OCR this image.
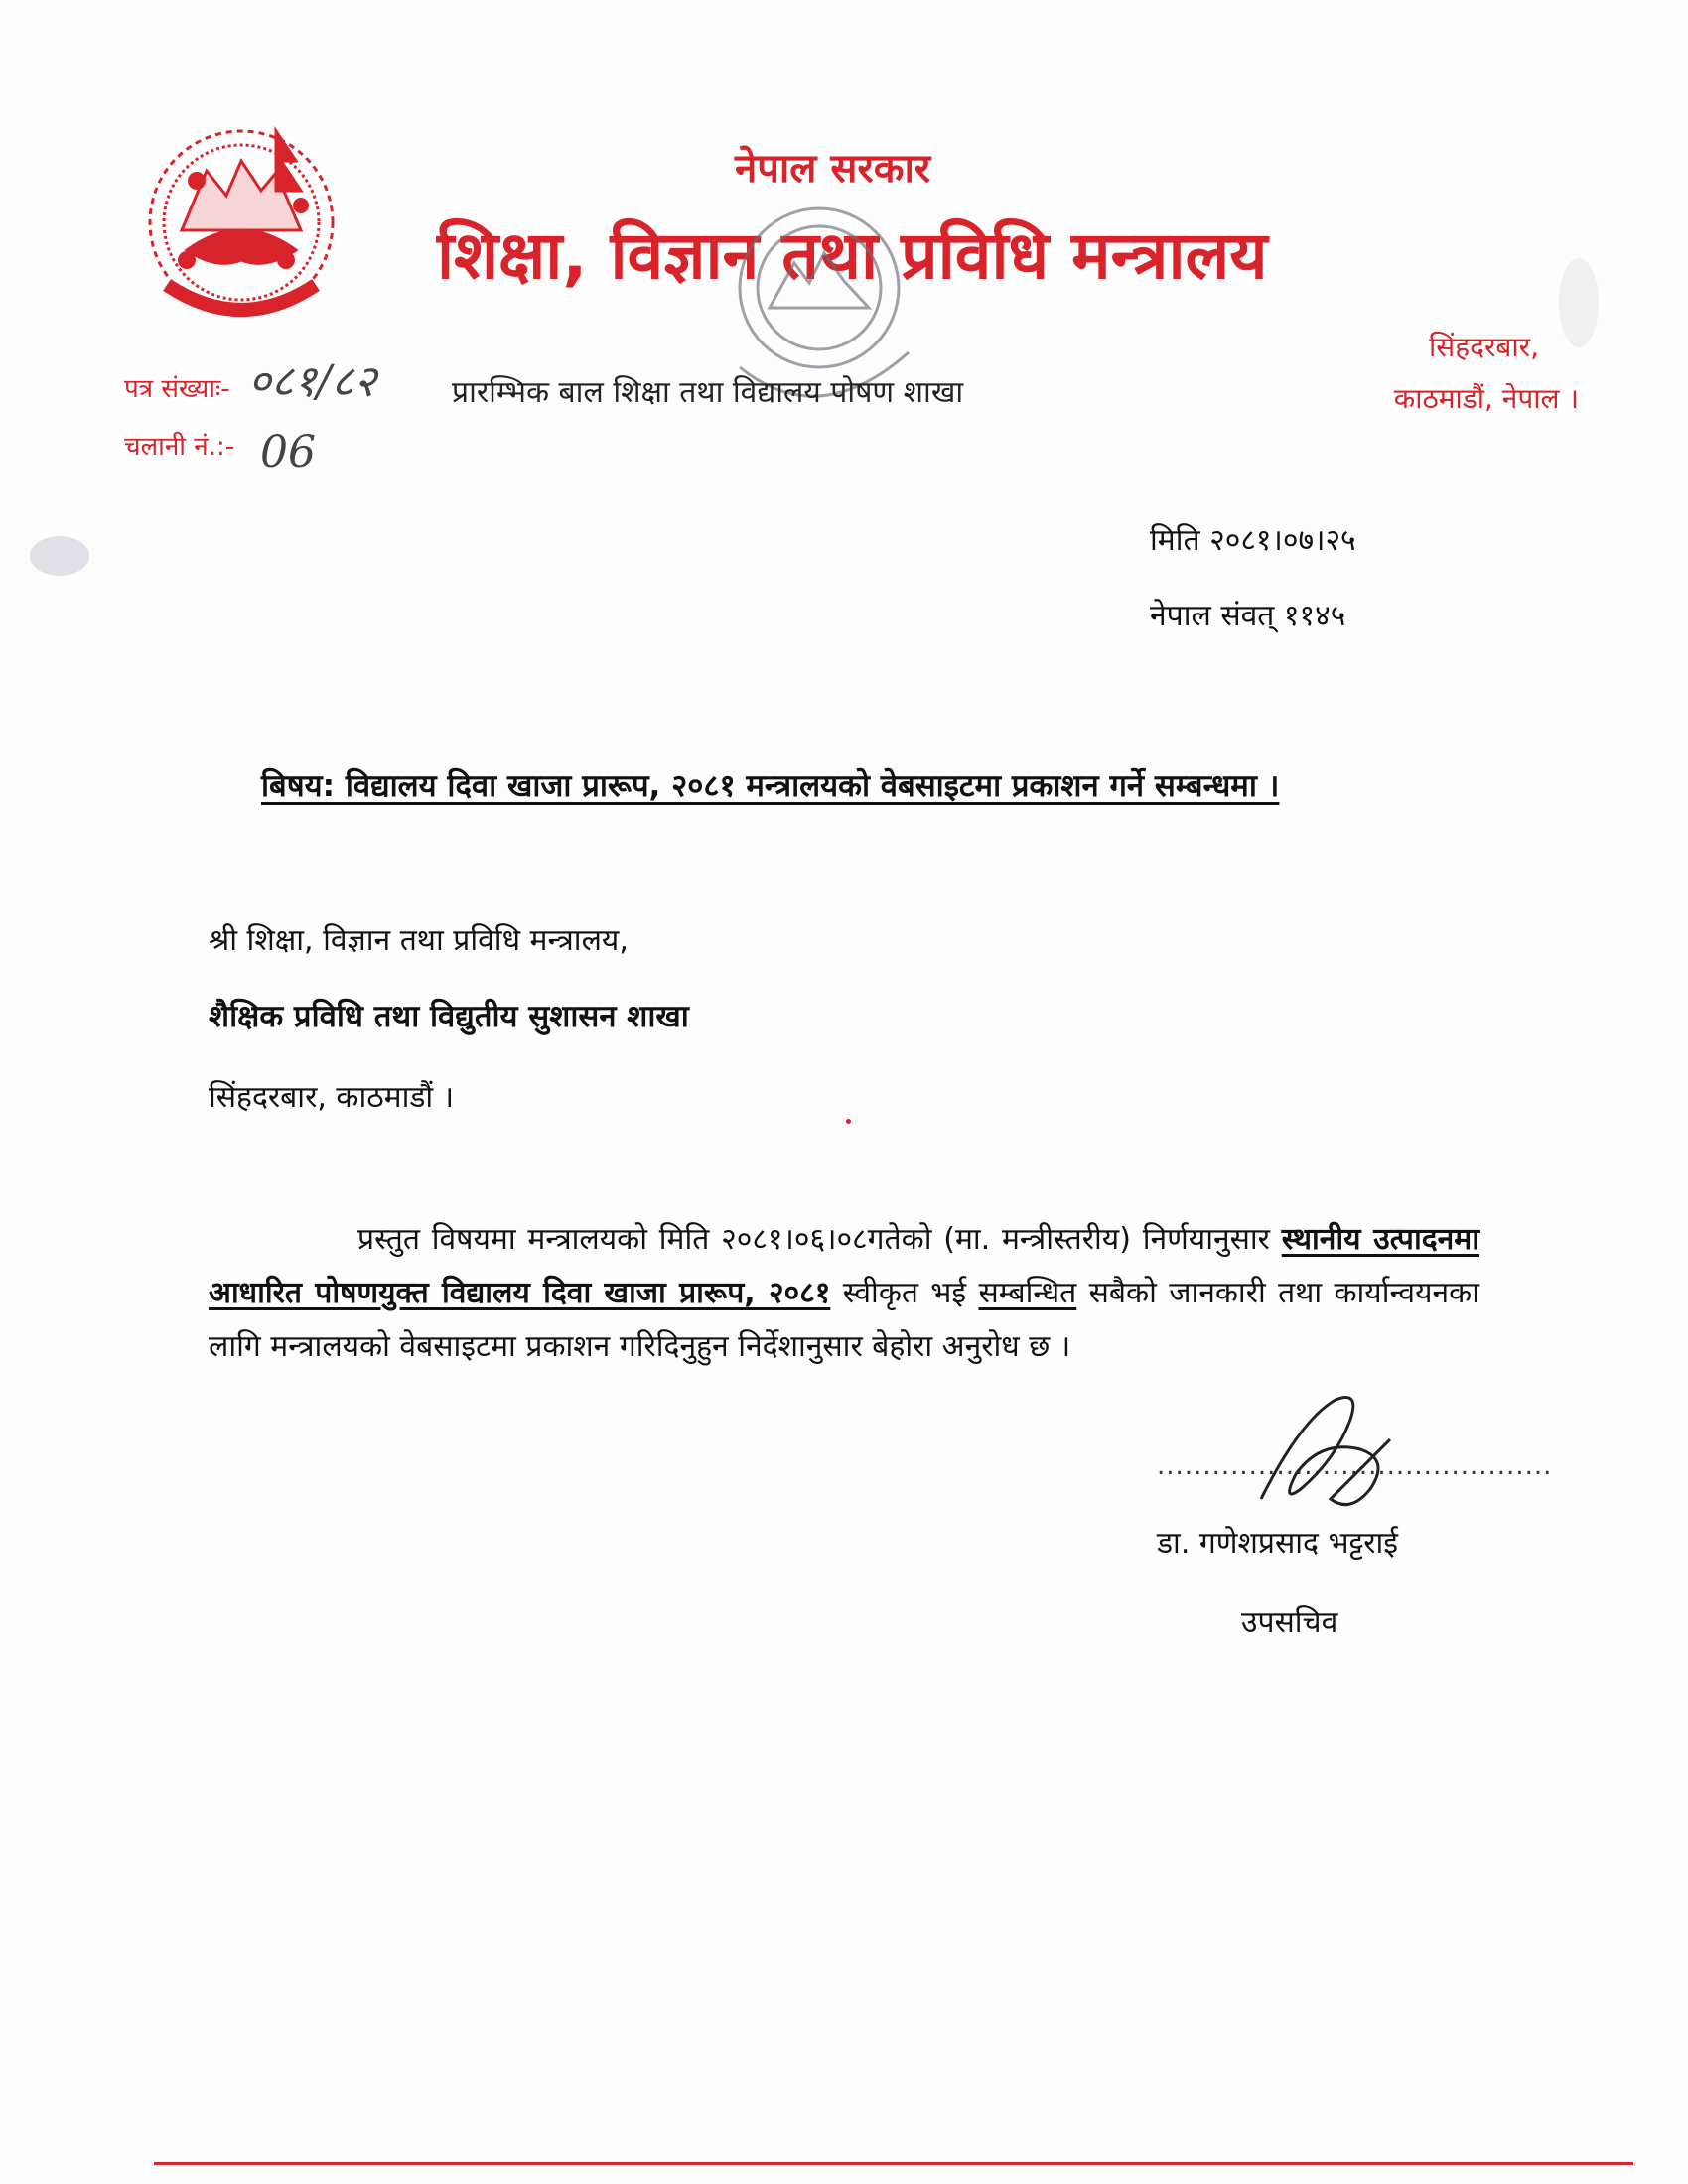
नेपाल सरकार
शिक्षा, विज्ञान तथा प्रविधि मन्त्रालय
सिंहदरबार,
काठमाडौं, नेपाल ।
पत्र संख्याः- ०८१/८२	प्रारम्भिक बाल शिक्षा तथा विद्यालय पोषण शाखा
चलानी नं.:- 06
मिति २०८१।०७।२५
नेपाल संवत् ११४५
बिषय: विद्यालय दिवा खाजा प्रारूप, २०८१ मन्त्रालयको वेबसाइटमा प्रकाशन गर्ने सम्बन्धमा ।
श्री शिक्षा, विज्ञान तथा प्रविधि मन्त्रालय,
शैक्षिक प्रविधि तथा विद्युतीय सुशासन शाखा
सिंहदरबार, काठमाडौं ।
प्रस्तुत विषयमा मन्त्रालयको मिति २०८१।०६।०८गतेको (मा. मन्त्रीस्तरीय) निर्णयानुसार स्थानीय उत्पादनमा आधारित पोषणयुक्त विद्यालय दिवा खाजा प्रारूप, २०८१ स्वीकृत भई सम्बन्धित सबैको जानकारी तथा कार्यान्वयनका लागि मन्त्रालयको वेबसाइटमा प्रकाशन गरिदिनुहुन निर्देशानुसार बेहोरा अनुरोध छ ।
...........................................
डा. गणेशप्रसाद भट्टराई
उपसचिव
